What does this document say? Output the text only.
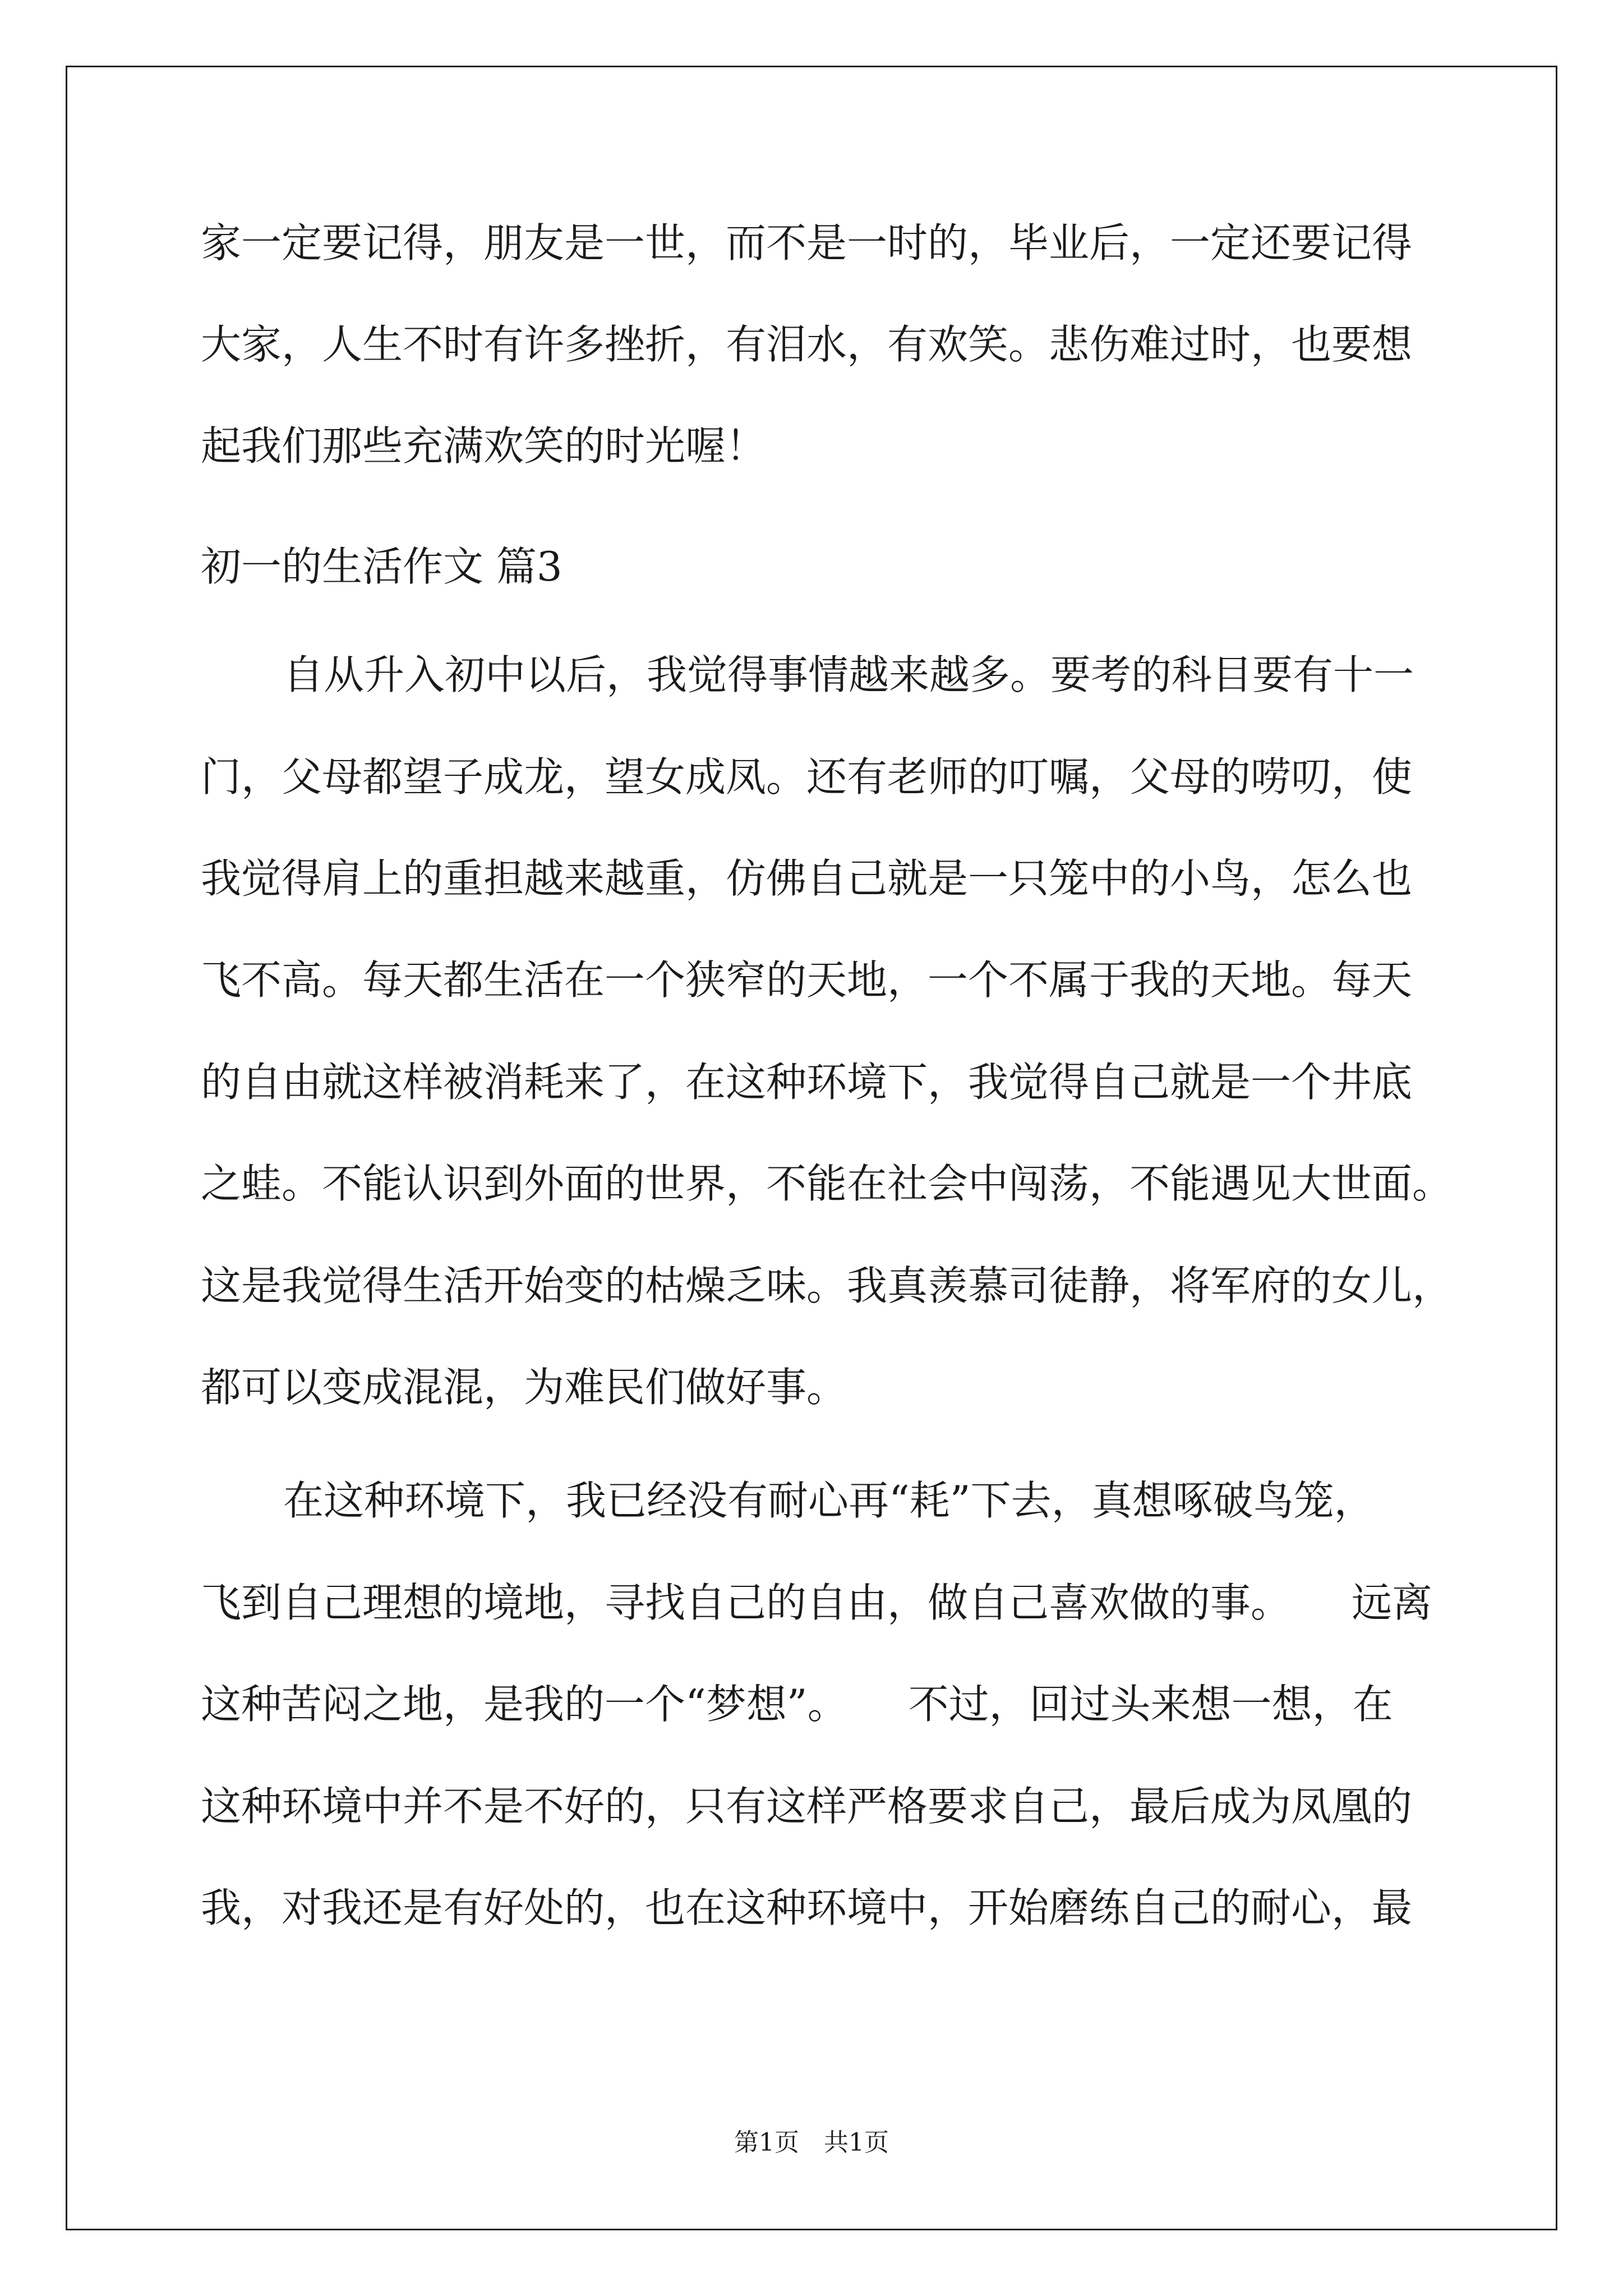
家一定要记得，朋友是一世，而不是一时的，毕业后，一定还要记得
大家，人生不时有许多挫折，有泪水，有欢笑。悲伤难过时，也要想
起我们那些充满欢笑的时光喔！
初一的生活作文 篇3
自从升入初中以后，我觉得事情越来越多。要考的科目要有十一
门，父母都望子成龙，望女成凤。还有老师的叮嘱，父母的唠叨，使
我觉得肩上的重担越来越重，仿佛自己就是一只笼中的小鸟，怎么也
飞不高。每天都生活在一个狭窄的天地，一个不属于我的天地。每天
的自由就这样被消耗来了，在这种环境下，我觉得自己就是一个井底
之蛙。不能认识到外面的世界，不能在社会中闯荡，不能遇见大世面。
这是我觉得生活开始变的枯燥乏味。我真羡慕司徒静，将军府的女儿，
都可以变成混混，为难民们做好事。
在这种环境下，我已经没有耐心再“耗”下去，真想啄破鸟笼，
飞到自己理想的境地，寻找自己的自由，做自己喜欢做的事。　　远离
这种苦闷之地，是我的一个“梦想”。　　不过，回过头来想一想，在
这种环境中并不是不好的，只有这样严格要求自己，最后成为凤凰的
我，对我还是有好处的，也在这种环境中，开始磨练自己的耐心，最
第1页　共1页
